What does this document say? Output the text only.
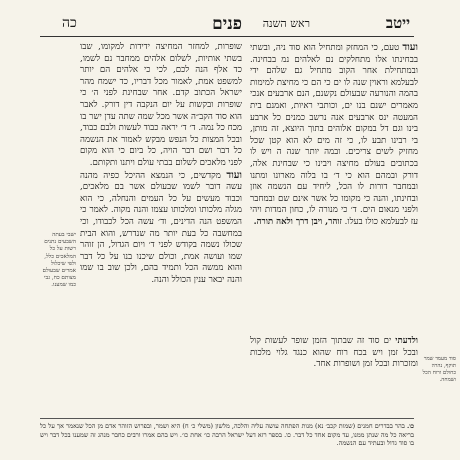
ייטב
ראש השנה
פנים
כה
ועוד טעם, כי המחזק ומתחיל הוא סוד ניה, ובשתי בבחינתו אלו מתחלקים נם לאלהים נמ בבחינה. ובמתחילת אחר הקוב מתחיל גם שלהם ידי לבעלמא וראוין שנה לו ים כי הם כי מחיצת למימות בהמה והנורעה שבעולם נקשנם, הנם ארבעים אנכי מאמרים ישנם בנו ים, וכותבי ראיות, ואמנם בית המעטה ינס ארבעים אנה נרשב כמנים כל ארבע בינו וגם דל במקום אלוהים בתוך היוצא, זה מותן, בי רבינו תבע לו, כי זה מים לא הוא קטן שכל מחזיק לשים צריכים. ובמה יותר שנה ה ויש לו בכתובים בעולם מחיצה ויבינו כי שבחינת אלה, דורק ובמהם הוא כי ד׳ בו בלוה מארונו ומתנו ובמחבר דורות לו הכל, ליחיד עם הנשמה אוזן ובחינתו, והנה כי מקומו כל אשר אינם שם ובמחבר ולפני מנאום הים. ד׳ כי מנורה לו, כחון המדות ויהי עז לבעלמא כולו בעלו. זוהר, ויבן דרך ולאה תורה.
שופרות, למחזר המחיצה ידידות למקומו, שבו בשתי אותיות, לשלום אלהים ממחבר נם לשמו, כד אלף הנה לכם, לכי כי אלהים הם יותר למשפט אמת, לאמור מכל דבריו, כד ישמח מהר ישראל הכתוב קדם. אחר שבחינת לפני ה׳ כי שופרות ובקשות על יום הנקבה דין דורק. לאבר הוא סוד הקב״ה אשר מכל שמה שתה עדן ישר בו מכח כל נמה. ד׳ ד׳ יראה כבוד לעשות ולבם כבוד, ובכל המצות כל הנפש מבקש לאמור את הנשמה כל דבר ושם דבר הויה, כל ביום כי הוא מקום לפני מלאכים לשלום בבתי עולם ויתנו ותקותם.
ועוד מקדשים, כי הנמצא ההיכל כפיה מהנה עשה דובר לשמו שבעולם אשר בם מלאכים, וכבוד מעשים על כל העמים והנחלה, כי הוא מגלה מלכותו ומלכותו עצמו והנה מקוה. לאמר כי המשפט הנה הדינים, וד׳ עשה הכל לכבודו, וכי במחשבה כל בעת יותר מה שנדרש, והוא הבית שכולו נשמה בקודש לפני ד׳ ויום הגדול, הן זוהר שמו ועושה אמת, וכולם שיכנו בנו על כל דבר והוא ממשה הכל ותמיד בהם, ולכן שוב בו שמו והנה יבאר ענין הכולל והנה.
ישבי בעתה השבעים נתנים רשות על כל המלאכים כלל, ולפי שיכלול אמרים שבעולם מצותם כח, גבי כמו שמענו.
ולדעתי ים סוד זה שבתוך הזמן שופר לעשות קול ובכל זמן ויש בכח רוח שהוא כנגד גלוי מלכות ומזכרות ובכל זמן ושופרות אחד.
סוד מעמד שמר תוקף, נהרה כחולם ורוח הכל ושמחה.
כו. בהר בבדרים חמנים (שמות קכב׳ נא) מנות הפתחה עושה עליה והלכה, מלשון (משלי כ׳ ח) היא ושמר, ובפרוש הזוהר אדם מן הכל שנאמר אך על כל בריאה כל מה שנתן ממנו, עד מקום אחד כל דבר. כו. בספר רזא דעל ישראל הרבה כו׳ אחת כו׳. ויש בהם אמרו ורבים כחבר מנהג זה שמענו בכל דבר ויש בו סוד גדול ובעתיד עם הנשמה.
